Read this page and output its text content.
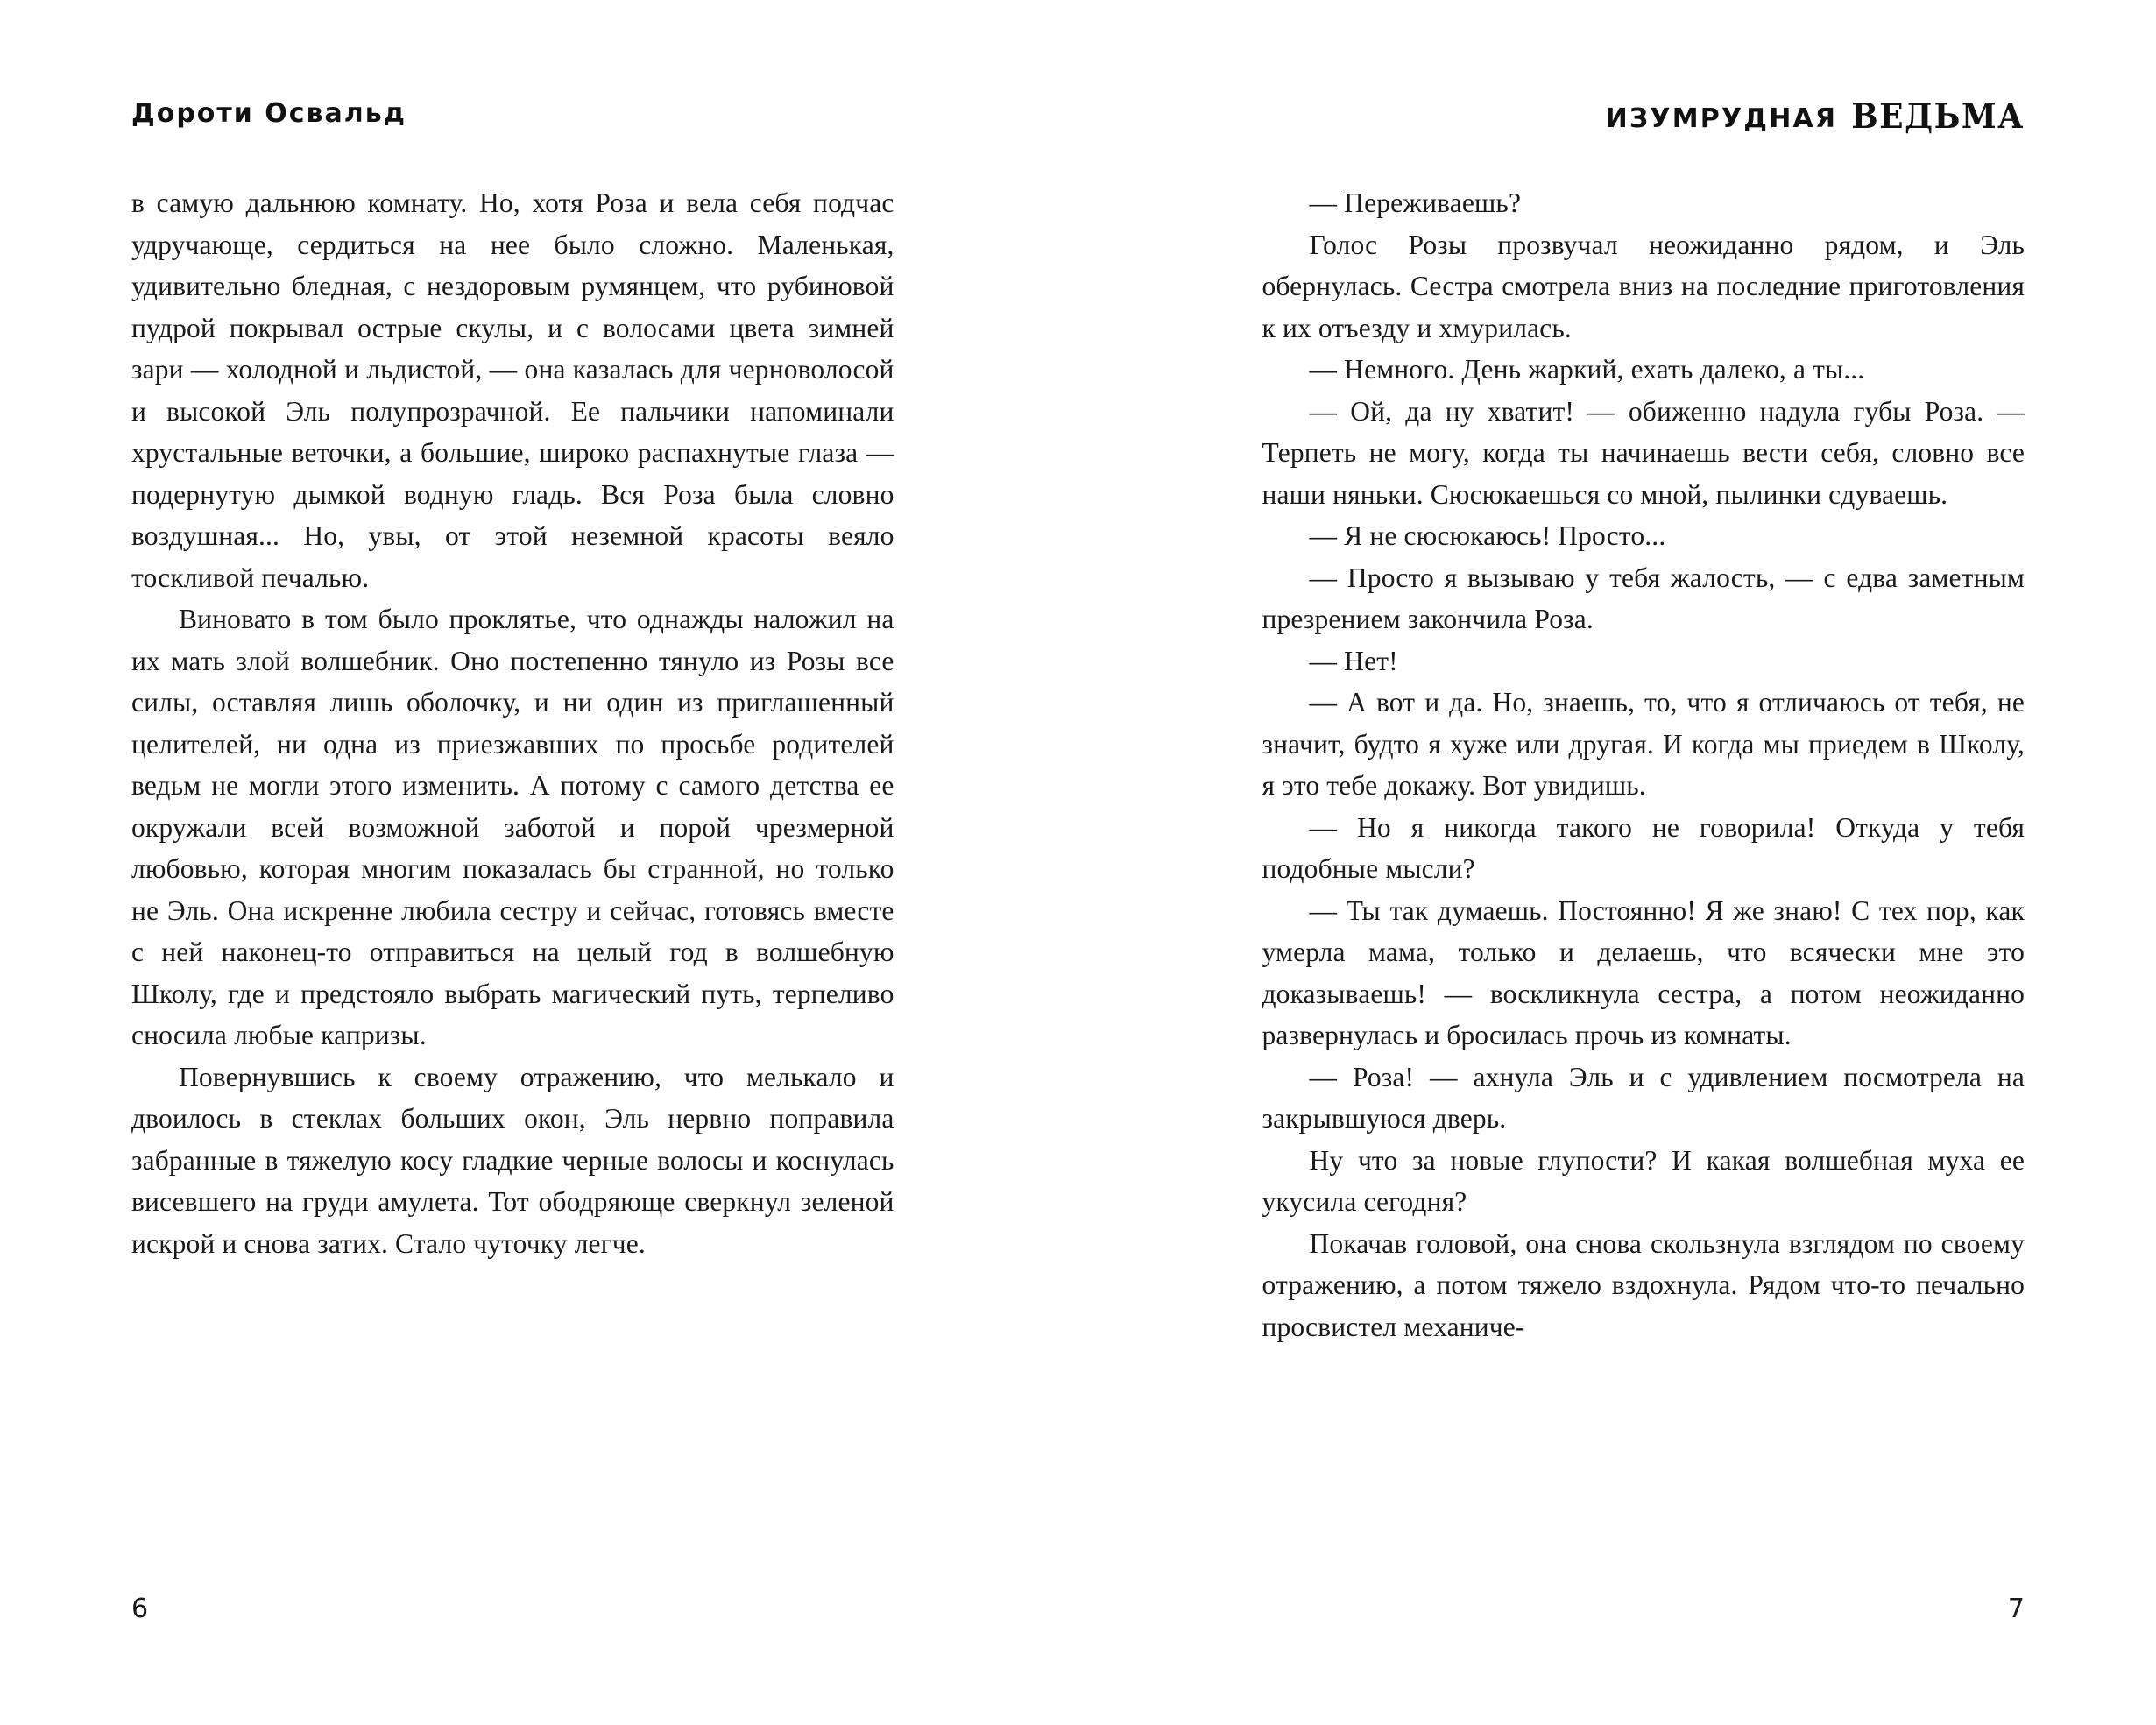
Дороти Освальд

в самую дальнюю комнату. Но, хотя Роза и вела себя подчас удручающе, сердиться на нее было сложно. Маленькая, удивительно бледная, с нездоровым румянцем, что рубиновой пудрой покрывал острые скулы, и с волосами цвета зимней зари — холодной и льдистой, — она казалась для черноволосой и высокой Эль полупрозрачной. Ее пальчики напоминали хрустальные веточки, а большие, широко распахнутые глаза — подернутую дымкой водную гладь. Вся Роза была словно воздушная... Но, увы, от этой неземной красоты веяло тоскливой печалью.

Виновато в том было проклятье, что однажды наложил на их мать злой волшебник. Оно постепенно тянуло из Розы все силы, оставляя лишь оболочку, и ни один из приглашенный целителей, ни одна из приезжавших по просьбе родителей ведьм не могли этого изменить. А потому с самого детства ее окружали всей возможной заботой и порой чрезмерной любовью, которая многим показалась бы странной, но только не Эль. Она искренне любила сестру и сейчас, готовясь вместе с ней наконец-то отправиться на целый год в волшебную Школу, где и предстояло выбрать магический путь, терпеливо сносила любые капризы.

Повернувшись к своему отражению, что мелькало и двоилось в стеклах больших окон, Эль нервно поправила забранные в тяжелую косу гладкие черные волосы и коснулась висевшего на груди амулета. Тот ободряюще сверкнул зеленой искрой и снова затих. Стало чуточку легче.

ИЗУМРУДНАЯ ВЕДЬМА

— Переживаешь?

Голос Розы прозвучал неожиданно рядом, и Эль обернулась. Сестра смотрела вниз на последние приготовления к их отъезду и хмурилась.

— Немного. День жаркий, ехать далеко, а ты...

— Ой, да ну хватит! — обиженно надула губы Роза. — Терпеть не могу, когда ты начинаешь вести себя, словно все наши няньки. Сюсюкаешься со мной, пылинки сдуваешь.

— Я не сюсюкаюсь! Просто...

— Просто я вызываю у тебя жалость, — с едва заметным презрением закончила Роза.

— Нет!

— А вот и да. Но, знаешь, то, что я отличаюсь от тебя, не значит, будто я хуже или другая. И когда мы приедем в Школу, я это тебе докажу. Вот увидишь.

— Но я никогда такого не говорила! Откуда у тебя подобные мысли?

— Ты так думаешь. Постоянно! Я же знаю! С тех пор, как умерла мама, только и делаешь, что всячески мне это доказываешь! — воскликнула сестра, а потом неожиданно развернулась и бросилась прочь из комнаты.

— Роза! — ахнула Эль и с удивлением посмотрела на закрывшуюся дверь.

Ну что за новые глупости? И какая волшебная муха ее укусила сегодня?

Покачав головой, она снова скользнула взглядом по своему отражению, а потом тяжело вздохнула. Рядом что-то печально просвистел механиче-

6	7
